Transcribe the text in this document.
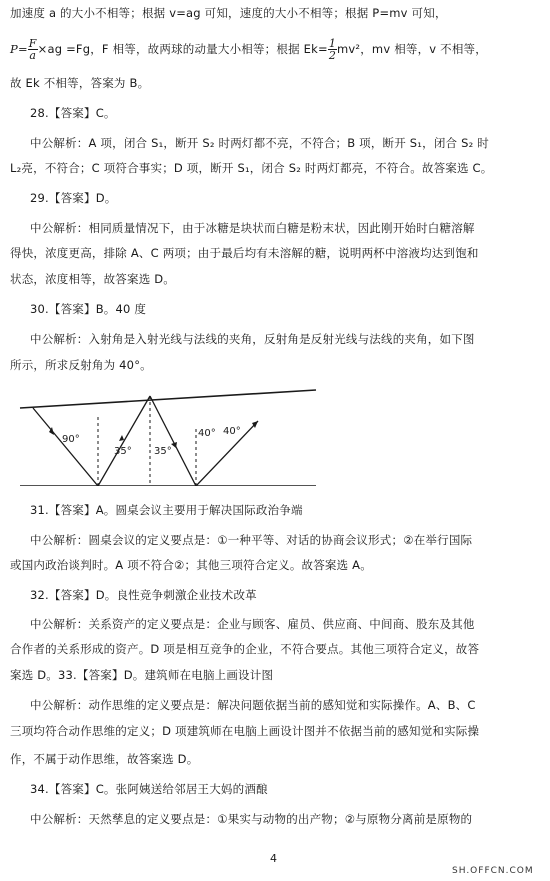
加速度 a 的大小不相等；根据 v=ag 可知，速度的大小不相等；根据 P=mv 可知，
$P= \frac{F}{a} \times ag =Fg$，F 相等，故两球的动量大小相等；根据 $Ek= \frac{1}{2} mv^2$，mv 相等，v 不相等，
故 Ek 不相等，答案为 B。
28.【答案】C。
中公解析：A 项，闭合 S₁，断开 S₂ 时两灯都不亮，不符合；B 项，断开 S₁，闭合 S₂ 时
L₂亮，不符合；C 项符合事实；D 项，断开 S₁，闭合 S₂ 时两灯都亮，不符合。故答案选 C。
29.【答案】D。
中公解析：相同质量情况下，由于冰糖是块状而白糖是粉末状，因此刚开始时白糖溶解
得快，浓度更高，排除 A、C 两项；由于最后均有未溶解的糖，说明两杯中溶液均达到饱和
状态，浓度相等，故答案选 D。
30.【答案】B。40 度
中公解析：入射角是入射光线与法线的夹角，反射角是反射光线与法线的夹角，如下图
所示，所求反射角为 40°。
90°
35° 35°
40° 40°
31.【答案】A。圆桌会议主要用于解决国际政治争端
中公解析：圆桌会议的定义要点是：①一种平等、对话的协商会议形式；②在举行国际
或国内政治谈判时。A 项不符合②；其他三项符合定义。故答案选 A。
32.【答案】D。良性竞争刺激企业技术改革
中公解析：关系资产的定义要点是：企业与顾客、雇员、供应商、中间商、股东及其他
合作者的关系形成的资产。D 项是相互竞争的企业，不符合要点。其他三项符合定义，故答
案选 D。33.【答案】D。建筑师在电脑上画设计图
中公解析：动作思维的定义要点是：解决问题依据当前的感知觉和实际操作。A、B、C
三项均符合动作思维的定义；D 项建筑师在电脑上画设计图并不依据当前的感知觉和实际操
作，不属于动作思维，故答案选 D。
34.【答案】C。张阿姨送给邻居王大妈的酒酿
中公解析：天然孳息的定义要点是：①果实与动物的出产物；②与原物分离前是原物的
4
SH.OFFCN.COM
